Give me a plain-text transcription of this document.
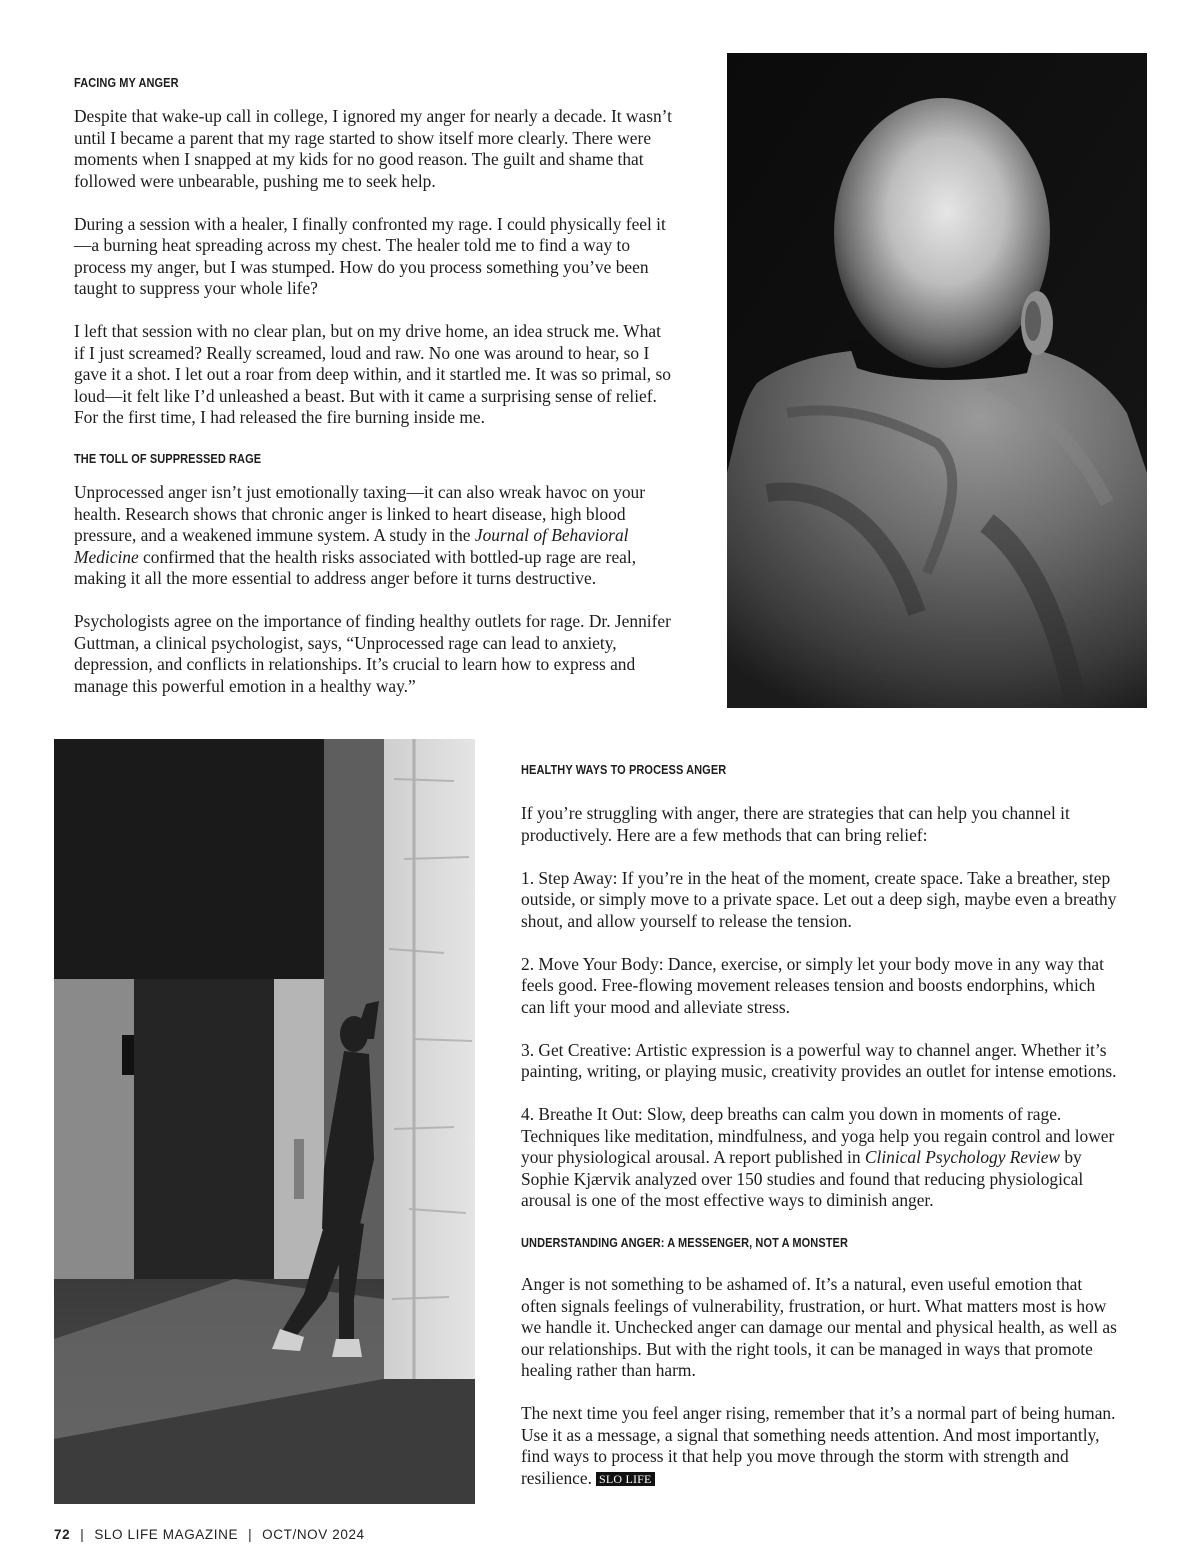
FACING MY ANGER

Despite that wake-up call in college, I ignored my anger for nearly a decade. It wasn’t until I became a parent that my rage started to show itself more clearly. There were moments when I snapped at my kids for no good reason. The guilt and shame that followed were unbearable, pushing me to seek help.

During a session with a healer, I finally confronted my rage. I could physically feel it—a burning heat spreading across my chest. The healer told me to find a way to process my anger, but I was stumped. How do you process something you’ve been taught to suppress your whole life?

I left that session with no clear plan, but on my drive home, an idea struck me. What if I just screamed? Really screamed, loud and raw. No one was around to hear, so I gave it a shot. I let out a roar from deep within, and it startled me. It was so primal, so loud—it felt like I’d unleashed a beast. But with it came a surprising sense of relief. For the first time, I had released the fire burning inside me.

THE TOLL OF SUPPRESSED RAGE

Unprocessed anger isn’t just emotionally taxing—it can also wreak havoc on your health. Research shows that chronic anger is linked to heart disease, high blood pressure, and a weakened immune system. A study in the Journal of Behavioral Medicine confirmed that the health risks associated with bottled-up rage are real, making it all the more essential to address anger before it turns destructive.

Psychologists agree on the importance of finding healthy outlets for rage. Dr. Jennifer Guttman, a clinical psychologist, says, “Unprocessed rage can lead to anxiety, depression, and conflicts in relationships. It’s crucial to learn how to express and manage this powerful emotion in a healthy way.”

HEALTHY WAYS TO PROCESS ANGER

If you’re struggling with anger, there are strategies that can help you channel it productively. Here are a few methods that can bring relief:

1. Step Away: If you’re in the heat of the moment, create space. Take a breather, step outside, or simply move to a private space. Let out a deep sigh, maybe even a breathy shout, and allow yourself to release the tension.

2. Move Your Body: Dance, exercise, or simply let your body move in any way that feels good. Free-flowing movement releases tension and boosts endorphins, which can lift your mood and alleviate stress.

3. Get Creative: Artistic expression is a powerful way to channel anger. Whether it’s painting, writing, or playing music, creativity provides an outlet for intense emotions.

4. Breathe It Out: Slow, deep breaths can calm you down in moments of rage. Techniques like meditation, mindfulness, and yoga help you regain control and lower your physiological arousal. A report published in Clinical Psychology Review by Sophie Kjærvik analyzed over 150 studies and found that reducing physiological arousal is one of the most effective ways to diminish anger.

UNDERSTANDING ANGER: A MESSENGER, NOT A MONSTER

Anger is not something to be ashamed of. It’s a natural, even useful emotion that often signals feelings of vulnerability, frustration, or hurt. What matters most is how we handle it. Unchecked anger can damage our mental and physical health, as well as our relationships. But with the right tools, it can be managed in ways that promote healing rather than harm.

The next time you feel anger rising, remember that it’s a normal part of being human. Use it as a message, a signal that something needs attention. And most importantly, find ways to process it that help you move through the storm with strength and resilience. SLO LIFE

72 | SLO LIFE MAGAZINE | OCT/NOV 2024
